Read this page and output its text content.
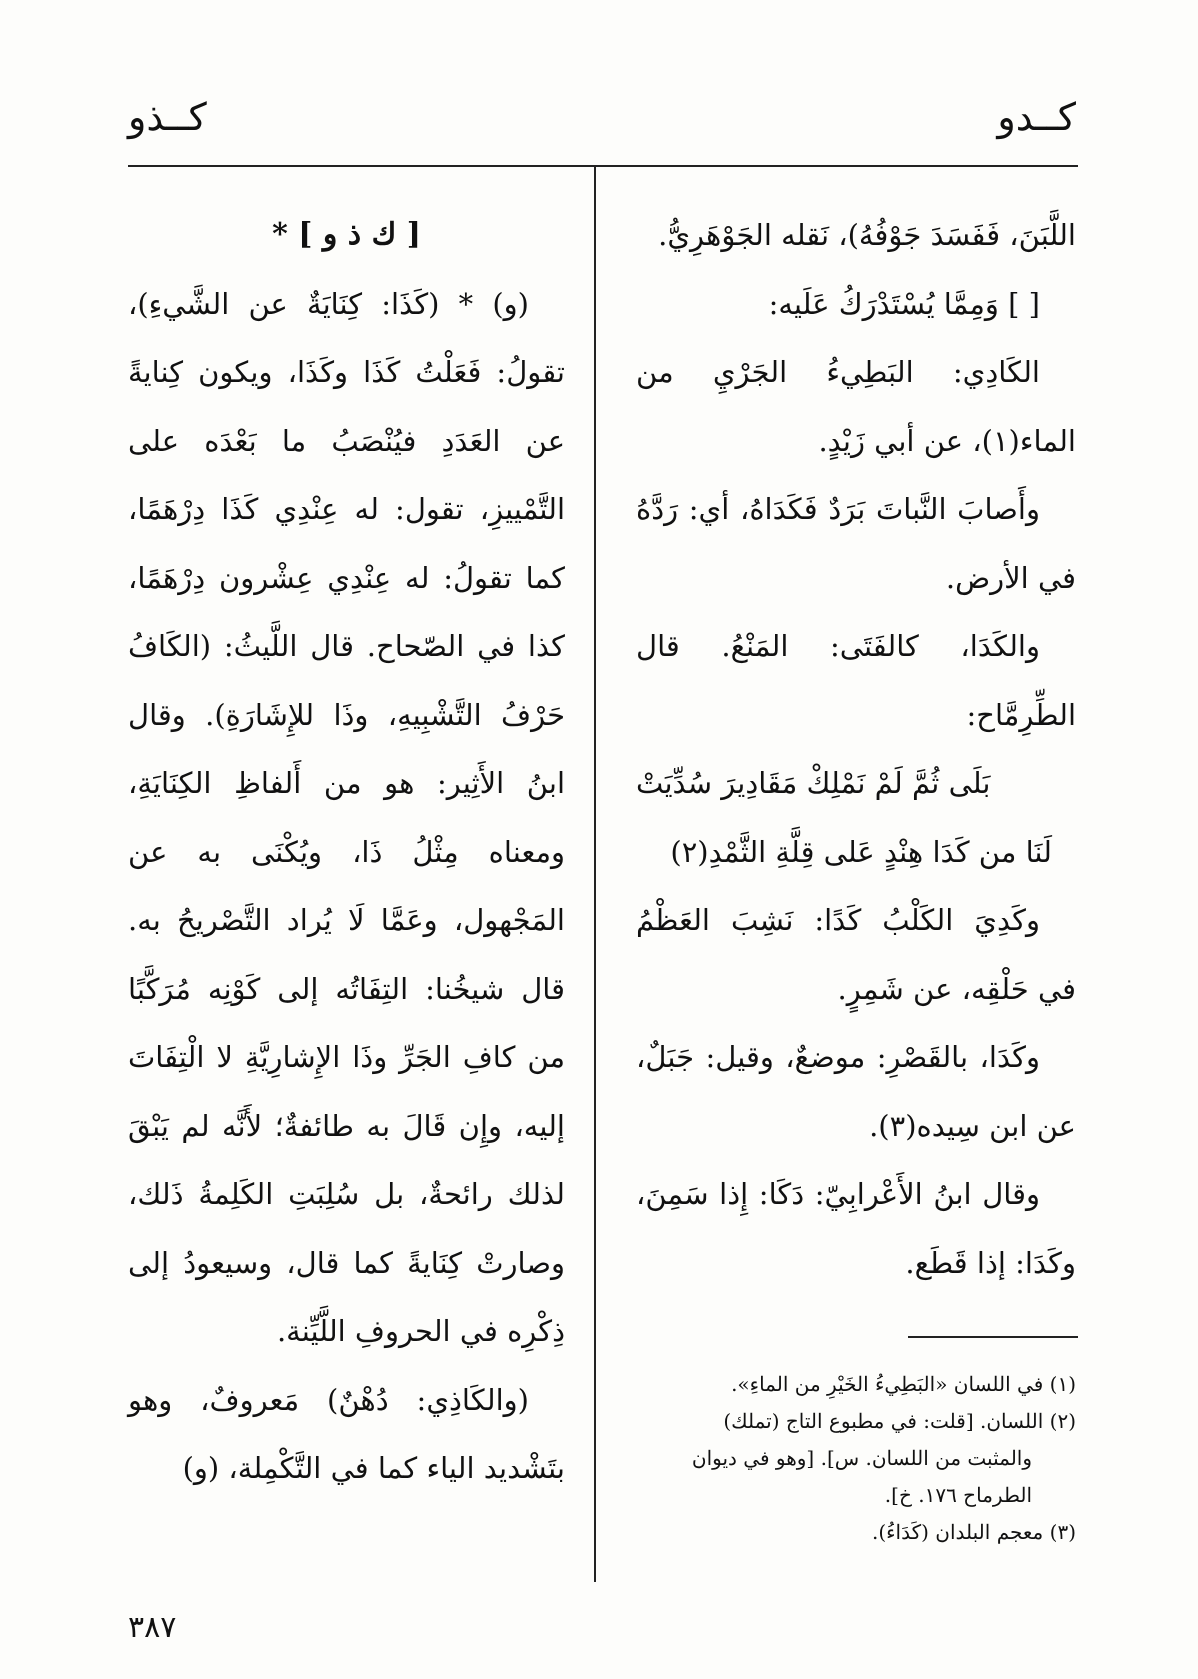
كــدو
كــذو

اللَّبَنَ، فَفَسَدَ جَوْفُهُ)، نَقله الجَوْهَرِيُّ.

[ ] وَمِمَّا يُسْتَدْرَكُ عَلَيه:

الكَادِي: البَطِيءُ الجَرْيِ من الماء(١)، عن أبي زَيْدٍ.

وأَصابَ النَّباتَ بَرَدٌ فَكَدَاهُ، أي: رَدَّهُ في الأرض.

والكَدَا، كالفَتَى: المَنْعُ. قال الطِّرِمَّاح:

بَلَى ثُمَّ لَمْ نَمْلِكْ مَقَادِيرَ سُدِّيَتْ

لَنَا من كَدَا هِنْدٍ عَلى قِلَّةِ الثَّمْدِ(٢)

وكَدِيَ الكَلْبُ كَدًا: نَشِبَ العَظْمُ في حَلْقِه، عن شَمِرٍ.

وكَدَا، بالقَصْرِ: موضعٌ، وقيل: جَبَلٌ، عن ابن سِيده(٣).

وقال ابنُ الأَعْرابِيّ: دَكَا: إِذا سَمِنَ، وكَدَا: إذا قَطَع.

[ ك ذ و ] *

(و) * (كَذَا: كِنَايَةٌ عن الشَّيءِ)، تقولُ: فَعَلْتُ كَذَا وكَذَا، ويكون كِنايةً عن العَدَدِ فيُنْصَبُ ما بَعْدَه على التَّمْييزِ، تقول: له عِنْدِي كَذَا دِرْهَمًا، كما تقولُ: له عِنْدِي عِشْرون دِرْهَمًا، كذا في الصّحاح. قال اللَّيثُ: (الكَافُ حَرْفُ التَّشْبِيهِ، وذَا للإِشَارَةِ). وقال ابنُ الأَثِير: هو من أَلفاظِ الكِنَايَةِ، ومعناه مِثْلُ ذَا، ويُكْنَى به عن المَجْهول، وعَمَّا لَا يُراد التَّصْريحُ به. قال شيخُنا: التِفَاتُه إلى كَوْنِه مُرَكَّبًا من كافِ الجَرِّ وذَا الإِشارِيَّةِ لا الْتِفَاتَ إليه، وإِن قَالَ به طائفةٌ؛ لأَنَّه لم يَبْقَ لذلك رائحةٌ، بل سُلِبَتِ الكَلِمةُ ذَلك، وصارتْ كِنَايةً كما قال، وسيعودُ إلى ذِكْرِه في الحروفِ اللَّيِّنة.

(والكَاذِي: دُهْنٌ) مَعروفٌ، وهو بتَشْديد الياء كما في التَّكْمِلة، (و)

(١) في اللسان «البَطِيءُ الخَيْرِ من الماءِ».

(٢) اللسان. [قلت: في مطبوع التاج (تملك)

والمثبت من اللسان. س]. [وهو في ديوان

الطرماح ١٧٦. خ].

(٣) معجم البلدان (كَدَاءُ).

٣٨٧
